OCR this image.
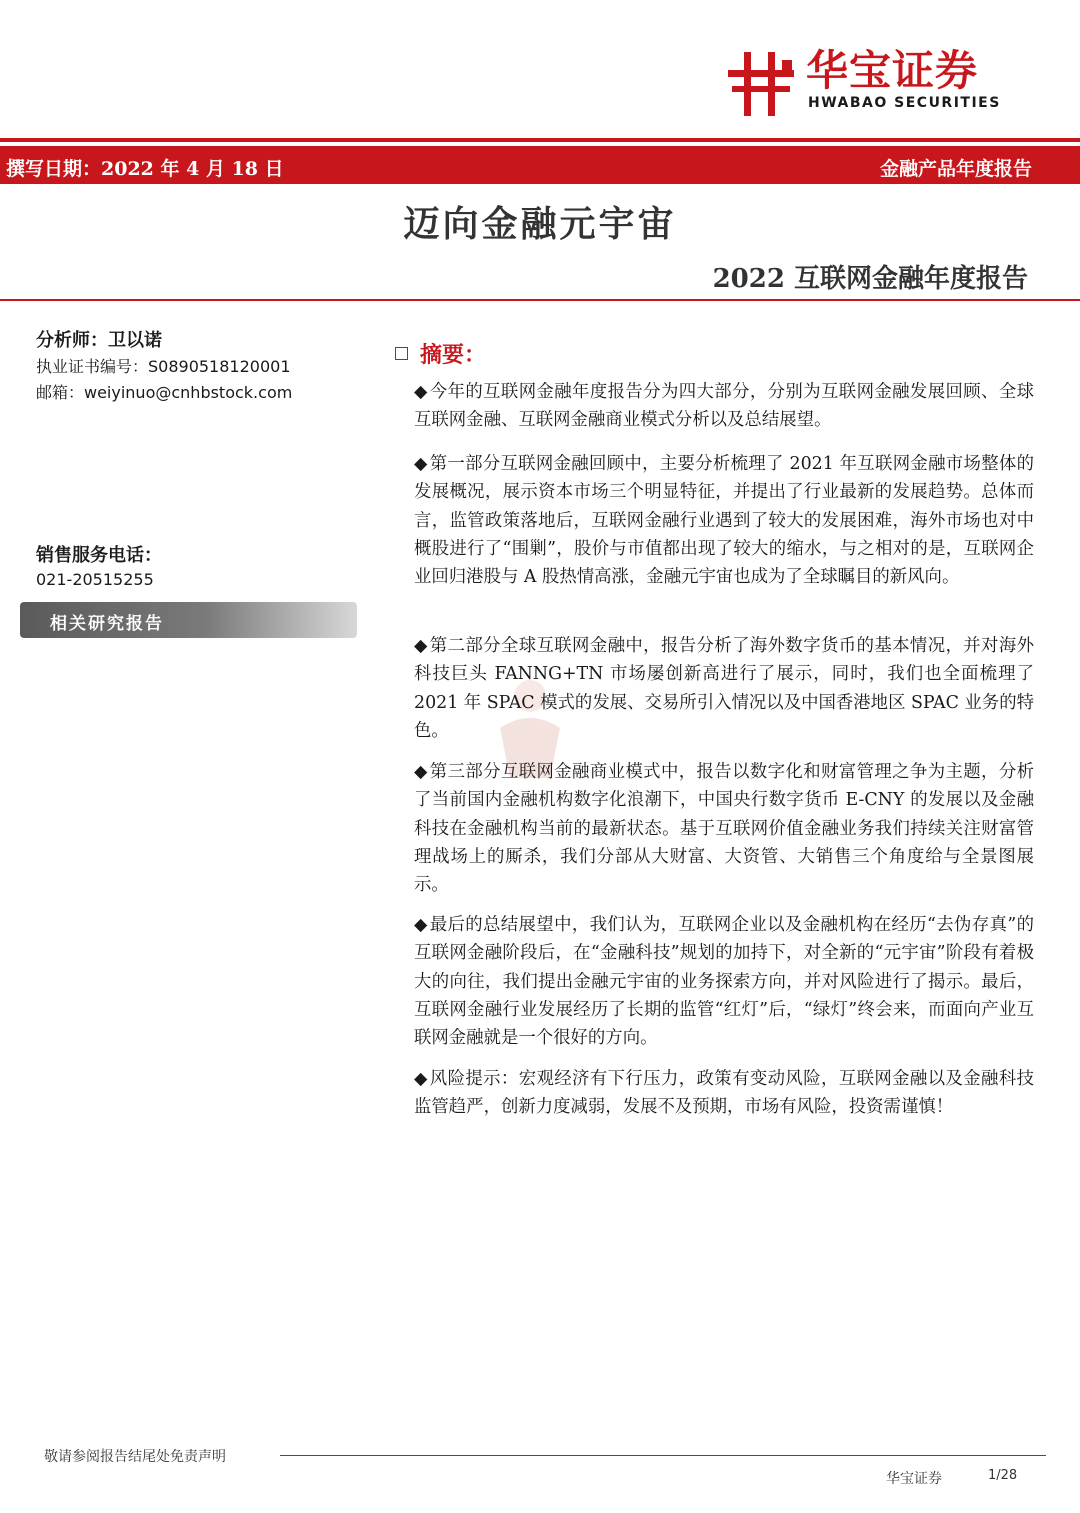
华宝证券
HWABAO SECURITIES
撰写日期：2022 年 4 月 18 日	金融产品年度报告
迈向金融元宇宙
2022 互联网金融年度报告
分析师：卫以诺
执业证书编号：S0890518120001
邮箱：weiyinuo@cnhbstock.com
销售服务电话：
021-20515255
相关研究报告
摘要：
◆ 今年的互联网金融年度报告分为四大部分，分别为互联网金融发展回顾、全球互联网金融、互联网金融商业模式分析以及总结展望。
◆ 第一部分互联网金融回顾中，主要分析梳理了 2021 年互联网金融市场整体的发展概况，展示资本市场三个明显特征，并提出了行业最新的发展趋势。总体而言，监管政策落地后，互联网金融行业遇到了较大的发展困难，海外市场也对中概股进行了“围剿”，股价与市值都出现了较大的缩水，与之相对的是，互联网企业回归港股与 A 股热情高涨，金融元宇宙也成为了全球瞩目的新风向。
◆ 第二部分全球互联网金融中，报告分析了海外数字货币的基本情况，并对海外科技巨头 FANNG+TN 市场屡创新高进行了展示，同时，我们也全面梳理了 2021 年 SPAC 模式的发展、交易所引入情况以及中国香港地区 SPAC 业务的特色。
◆ 第三部分互联网金融商业模式中，报告以数字化和财富管理之争为主题，分析了当前国内金融机构数字化浪潮下，中国央行数字货币 E-CNY 的发展以及金融科技在金融机构当前的最新状态。基于互联网价值金融业务我们持续关注财富管理战场上的厮杀，我们分部从大财富、大资管、大销售三个角度给与全景图展示。
◆ 最后的总结展望中，我们认为，互联网企业以及金融机构在经历“去伪存真”的互联网金融阶段后，在“金融科技”规划的加持下，对全新的“元宇宙”阶段有着极大的向往，我们提出金融元宇宙的业务探索方向，并对风险进行了揭示。最后，互联网金融行业发展经历了长期的监管“红灯”后，“绿灯”终会来，而面向产业互联网金融就是一个很好的方向。
◆ 风险提示：宏观经济有下行压力，政策有变动风险，互联网金融以及金融科技监管趋严，创新力度减弱，发展不及预期，市场有风险，投资需谨慎！
敬请参阅报告结尾处免责声明
华宝证券	1/28
